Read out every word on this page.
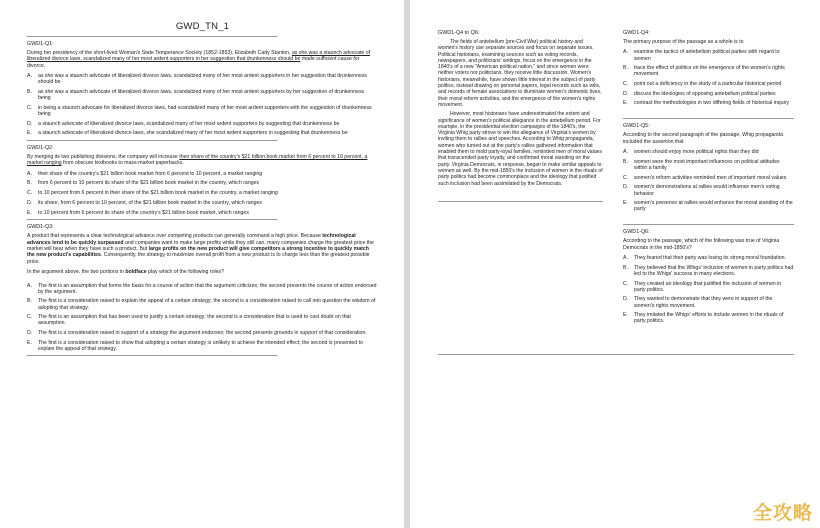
GWD_TN_1
GWD1-Q1:
During her presidency of the short-lived Woman's State Temperance Society (1852-1853), Elizabeth Cady Stanton, as she was a staunch advocate of liberalized divorce laws, scandalized many of her most ardent supporters in her suggestion that drunkenness should be made sufficient cause for divorce.
A.	as she was a staunch advocate of liberalized divorce laws, scandalized many of her most ardent supporters in her suggestion that drunkenness should be
B.	as she was a staunch advocate of liberalized divorce laws, scandalized many of her most ardent supporters by her suggestion of drunkenness being
C.	in being a staunch advocate for liberalized divorce laws, had scandalized many of her most ardent supporters with the suggestion of drunkenness being
D.	a staunch advocate of liberalized divorce laws, scandalized many of her most ardent supporters by suggesting that drunkenness be
E.	a staunch advocate of liberalized divorce laws, she scandalized many of her most ardent supporters in suggesting that drunkenness be
GWD1-Q2:
By merging its two publishing divisions, the company will increase their share of the country's $21 billion book market from 6 percent to 10 percent, a market ranging from obscure textbooks to mass-market paperbacks.
A.	their share of the country's $21 billion book market from 6 percent to 10 percent, a market ranging
B.	from 6 percent to 10 percent its share of the $21 billion book market in the country, which ranges
C.	to 10 percent from 6 percent in their share of the $21 billion book market in the country, a market ranging
D.	its share, from 6 percent to 10 percent, of the $21 billion book market in the country, which ranges
E.	to 10 percent from 6 percent its share of the country's $21 billion book market, which ranges
GWD1-Q3:
A product that represents a clear technological advance over competing products can generally command a high price. Because technological advances tend to be quickly surpassed and companies want to make large profits while they still can, many companies charge the greatest price the market will bear when they have such a product. But large profits on the new product will give competitors a strong incentive to quickly match the new product's capabilities. Consequently, the strategy to maximize overall profit from a new product is to charge less than the greatest possible price.
In the argument above, the two portions in boldface play which of the following roles?
A.	The first is an assumption that forms the basis for a course of action that the argument criticizes; the second presents the course of action endorsed by the argument.
B.	The first is a consideration raised to explain the appeal of a certain strategy; the second is a consideration raised to call into question the wisdom of adopting that strategy.
C.	The first is an assumption that has been used to justify a certain strategy; the second is a consideration that is used to cast doubt on that assumption.
D.	The first is a consideration raised in support of a strategy the argument endorses; the second presents grounds in support of that consideration.
E.	The first is a consideration raised to show that adopting a certain strategy is unlikely to achieve the intended effect; the second is presented to explain the appeal of that strategy.
GWD1-Q4 to Q6:

The fields of antebellum (pre-Civil War) political history and women's history use separate sources and focus on separate issues. Political historians, examining sources such as voting records, newspapers, and politicians' writings, focus on the emergence in the 1840's of a new "American political nation," and since women were neither voters nor politicians, they receive little discussion. Women's historians, meanwhile, have shown little interest in the subject of party politics, instead drawing on personal papers, legal records such as wills, and records of female associations to illuminate women's domestic lives, their moral reform activities, and the emergence of the women's rights movement.

However, most historians have underestimated the extent and significance of women's political allegiance in the antebellum period. For example, in the presidential election campaigns of the 1840's, the Virginia Whig party strove to win the allegiance of Virginia's women by inviting them to rallies and speeches. According to Whig propaganda, women who turned out at the party's rallies gathered information that enabled them to mold party-loyal families, reminded men of moral values that transcended party loyalty, and confirmed moral standing on the party. Virginia Democrats, in response, began to make similar appeals to women as well. By the mid-1850's the inclusion of women in the rituals of party politics had become commonplace and the ideology that justified such inclusion had been assimilated by the Democrats.

GWD1-Q4:
The primary purpose of the passage as a whole is to
A.	examine the tactics of antebellum political parties with regard to women
B.	trace the effect of politics on the emergence of the women's rights movement
C.	point out a deficiency in the study of a particular historical period
D.	discuss the ideologies of opposing antebellum political parties
E.	contrast the methodologies in two differing fields of historical inquiry
GWD1-Q5:
According to the second paragraph of the passage, Whig propaganda included the assertion that
A.	women should enjoy more political rights than they did
B.	women were the most important influences on political attitudes within a family
C.	women's reform activities reminded men of important moral values
D.	women's demonstrations at rallies would influence men's voting behavior
E.	women's presence at rallies would enhance the moral standing of the party
GWD1-Q6:
According to the passage, which of the following was true of Virginia Democrats in the mid-1850's?
A.	They feared that their party was losing its strong moral foundation.
B.	They believed that the Whigs' inclusion of women in party politics had led to the Whigs' success in many elections.
C.	They created an ideology that justified the inclusion of women in party politics.
D.	They wanted to demonstrate that they were in support of the women's rights movement.
E.	They imitated the Whigs' efforts to include women in the rituals of party politics.
全攻略
